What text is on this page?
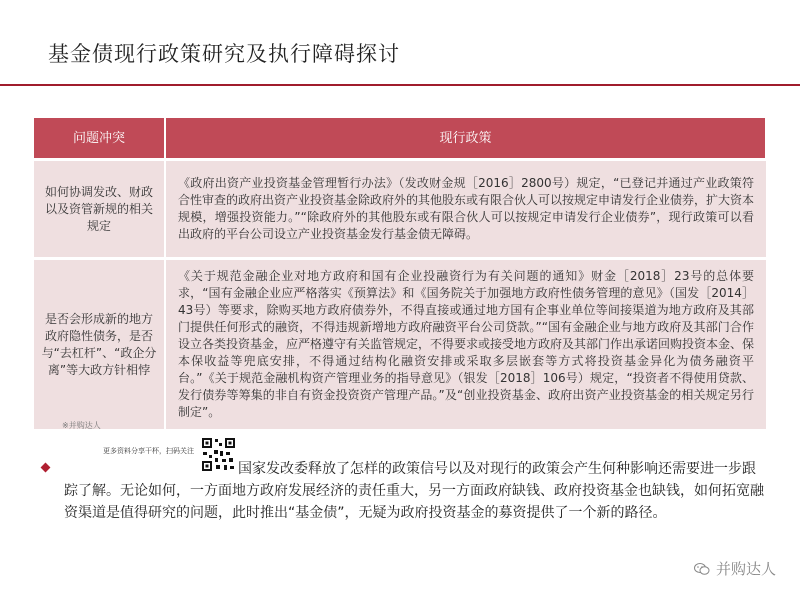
基金债现行政策研究及执行障碍探讨
问题冲突	现行政策
如何协调发改、财政以及资管新规的相关规定	《政府出资产业投资基金管理暂行办法》（发改财金规［2016］2800号）规定，“已登记并通过产业政策符合性审查的政府出资产业投资基金除政府外的其他股东或有限合伙人可以按规定申请发行企业债券，扩大资本规模，增强投资能力。”“除政府外的其他股东或有限合伙人可以按规定申请发行企业债券”，现行政策可以看出政府的平台公司设立产业投资基金发行基金债无障碍。
是否会形成新的地方政府隐性债务，是否与“去杠杆”、“政企分离”等大政方针相悖	《关于规范金融企业对地方政府和国有企业投融资行为有关问题的通知》财金［2018］23号的总体要求，“国有金融企业应严格落实《预算法》和《国务院关于加强地方政府性债务管理的意见》（国发［2014］43号）等要求，除购买地方政府债券外，不得直接或通过地方国有企事业单位等间接渠道为地方政府及其部门提供任何形式的融资，不得违规新增地方政府融资平台公司贷款。”“国有金融企业与地方政府及其部门合作设立各类投资基金，应严格遵守有关监管规定，不得要求或接受地方政府及其部门作出承诺回购投资本金、保本保收益等兜底安排，不得通过结构化融资安排或采取多层嵌套等方式将投资基金异化为债务融资平台。”《关于规范金融机构资产管理业务的指导意见》（银发［2018］106号）规定，“投资者不得使用贷款、发行债券等筹集的非自有资金投资资产管理产品。”及“创业投资基金、政府出资产业投资基金的相关规定另行制定”。
※并购达人
更多资料分享干杯，扫码关注
国家发改委释放了怎样的政策信号以及对现行的政策会产生何种影响还需要进一步跟踪了解。无论如何，一方面地方政府发展经济的责任重大，另一方面政府缺钱、政府投资基金也缺钱，如何拓宽融资渠道是值得研究的问题，此时推出“基金债”，无疑为政府投资基金的募资提供了一个新的路径。
并购达人
